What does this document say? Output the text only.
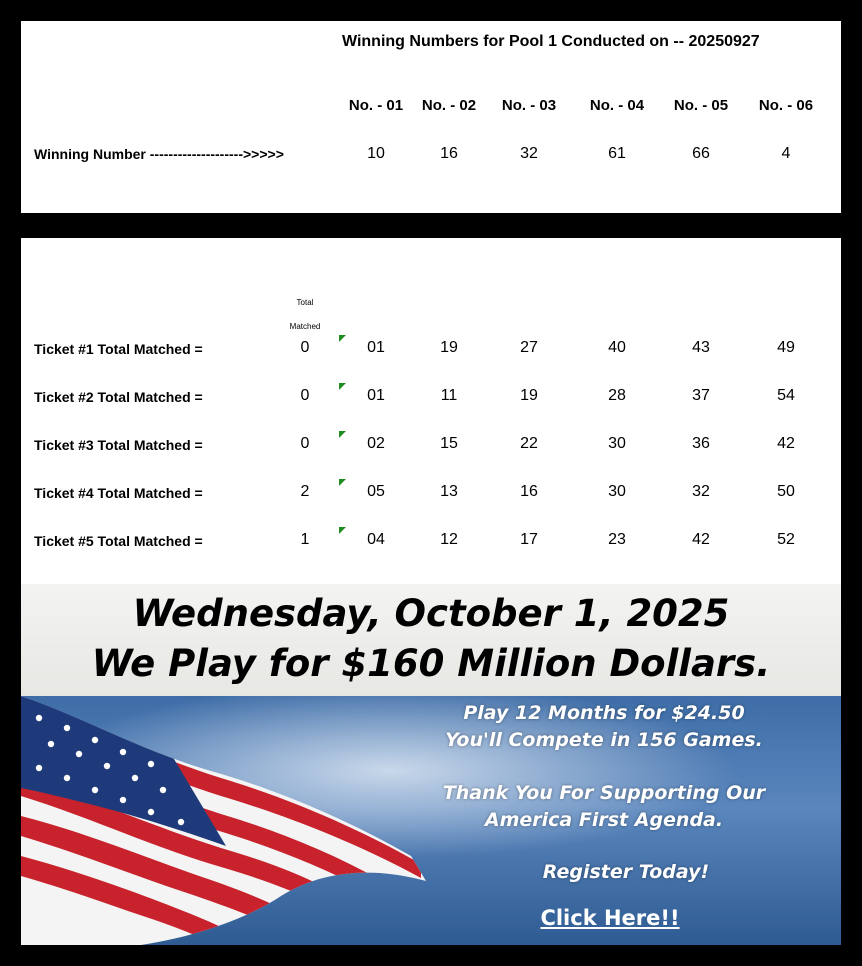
Winning Numbers for Pool 1 Conducted on -- 20250927
No. - 01 No. - 02 No. - 03 No. - 04 No. - 05 No. - 06
Winning Number -------------------->>>>>	10	16	32	61	66	4
Total
Matched
Ticket #1 Total Matched =	0	01	19	27	40	43	49
Ticket #2 Total Matched =	0	01	11	19	28	37	54
Ticket #3 Total Matched =	0	02	15	22	30	36	42
Ticket #4 Total Matched =	2	05	13	16	30	32	50
Ticket #5 Total Matched =	1	04	12	17	23	42	52
Wednesday, October 1, 2025
We Play for $160 Million Dollars.
Play 12 Months for $24.50
You'll Compete in 156 Games.
Thank You For Supporting Our
America First Agenda.
Register Today!
Click Here!!
